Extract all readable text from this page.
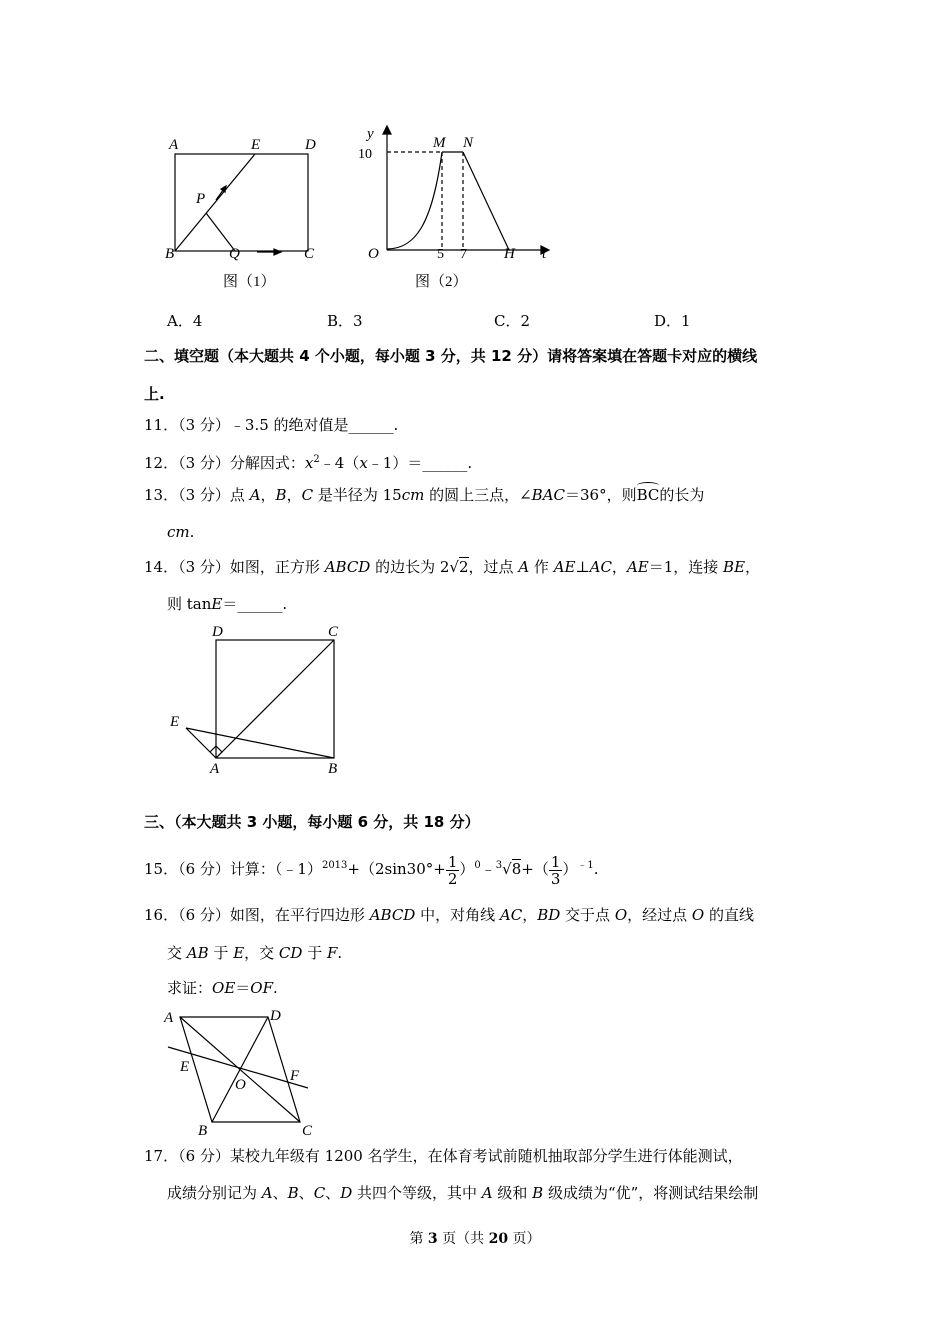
A	E	D
P
B	Q	C
图（1）
y
M N
10
O	5 7 H t
图（2）
A．4	B．3	C．2	D．1
二、填空题（本大题共 4 个小题，每小题 3 分，共 12 分）请将答案填在答题卡对应的横线
上.
11．（3 分）﹣3.5 的绝对值是______.
12．（3 分）分解因式：$x^2﹣4(x﹣1)=\_\_\_\_\_\_$.
13．（3 分）点 A，B，C 是半径为 15cm 的圆上三点，∠BAC＝36°，则BC的长为
cm.
14．（3 分）如图，正方形 ABCD 的边长为 2√2，过点 A 作 AE⊥AC，AE＝1，连接 BE，
则 tanE＝______.
D	C
E
A	B
三、（本大题共 3 小题，每小题 6 分，共 18 分）
15．（6 分）计算：（﹣1）$^{2013}$+（2sin30°+ $\frac{1}{2}$ ）$^0$﹣$^3$√8+（ $\frac{1}{3} )^{﹣1}$.
16．（6 分）如图，在平行四边形 ABCD 中，对角线 AC，BD 交于点 O，经过点 O 的直线
交 AB 于 E，交 CD 于 F.
求证：OE＝OF.
A	D
E
O
F
B	C
17．（6 分）某校九年级有 1200 名学生，在体育考试前随机抽取部分学生进行体能测试，
成绩分别记为 A、B、C、D 共四个等级，其中 A 级和 B 级成绩为“优”，将测试结果绘制
第 3 页（共 20 页）
